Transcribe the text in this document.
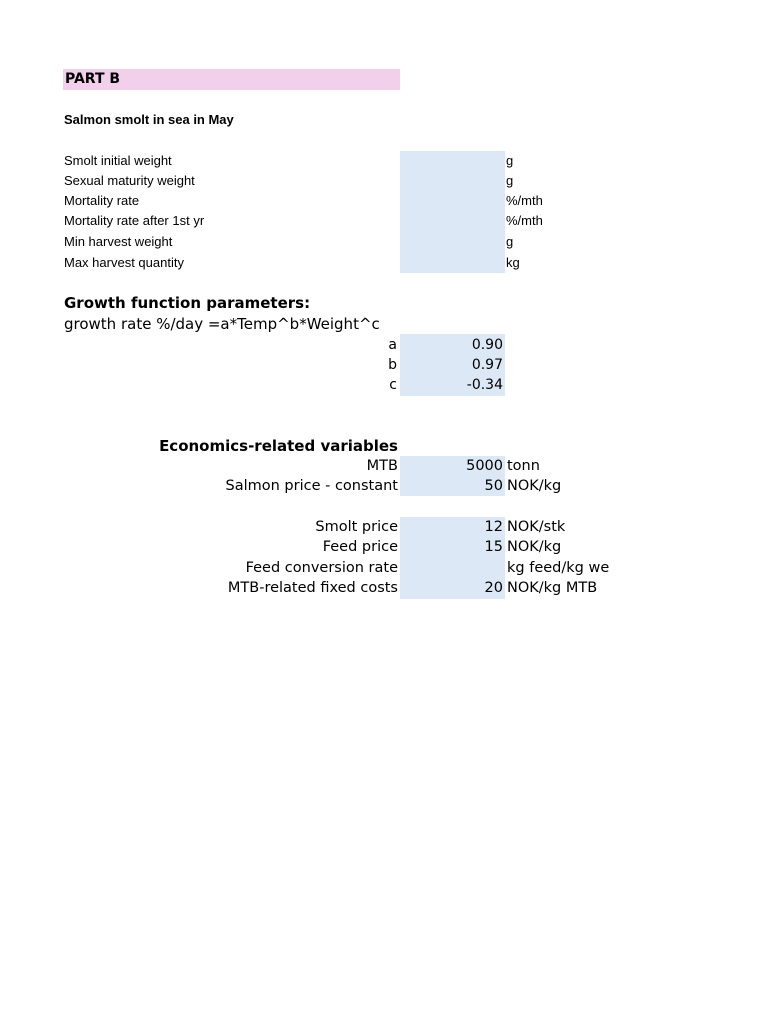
PART B
Salmon smolt in sea in May
Smolt initial weight	g
Sexual maturity weight	g
Mortality rate	%/mth
Mortality rate after 1st yr	%/mth
Min harvest weight	g
Max harvest quantity	kg
Growth function parameters:
growth rate %/day =a*Temp^b*Weight^c
a	0.90
b	0.97
c	-0.34
Economics-related variables
MTB	5000 tonn
Salmon price - constant	50 NOK/kg
Smolt price	12 NOK/stk
Feed price	15 NOK/kg
Feed conversion rate	kg feed/kg we
MTB-related fixed costs	20 NOK/kg MTB
